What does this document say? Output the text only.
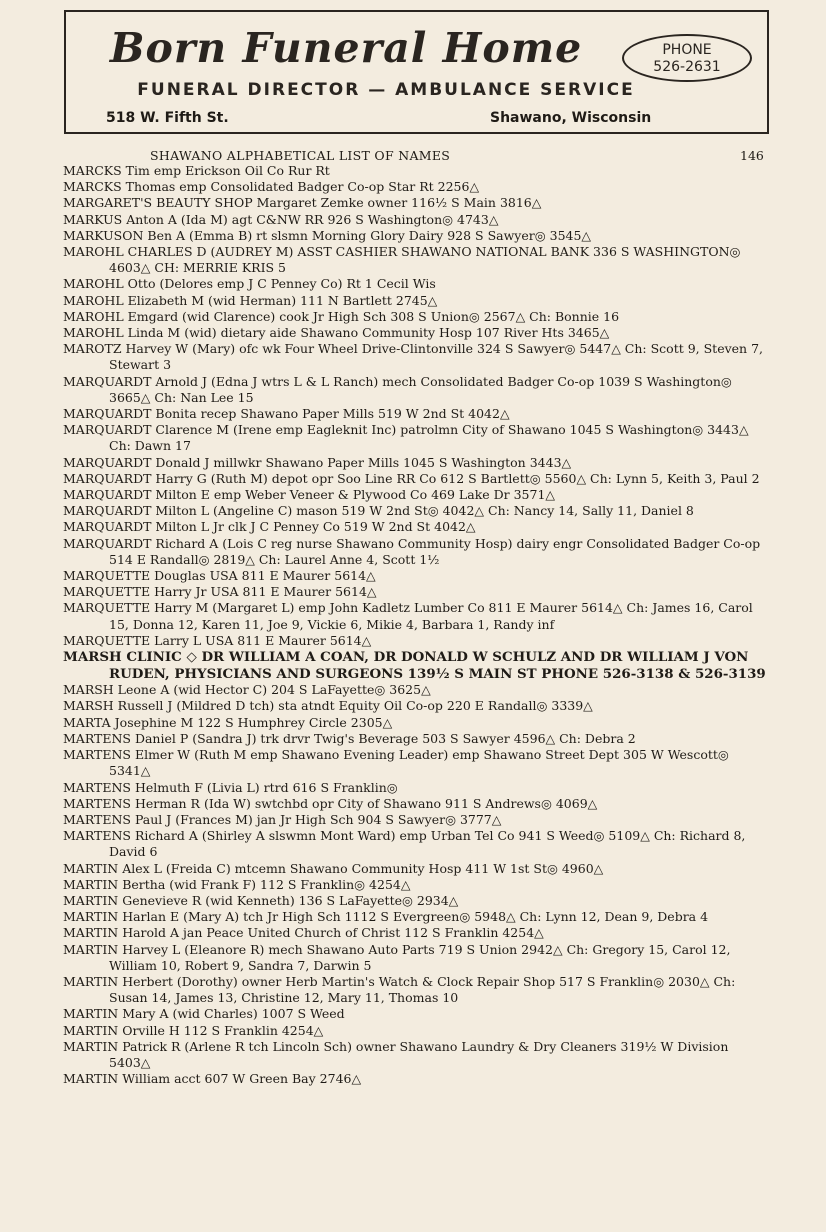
Born Funeral Home	PHONE
526-2631
FUNERAL DIRECTOR — AMBULANCE SERVICE
518 W. Fifth St.	Shawano, Wisconsin
SHAWANO ALPHABETICAL LIST OF NAMES	146

MARCKS Tim emp Erickson Oil Co Rur Rt

MARCKS Thomas emp Consolidated Badger Co-op Star Rt 2256△

MARGARET'S BEAUTY SHOP Margaret Zemke owner 116½ S Main 3816△

MARKUS Anton A (Ida M) agt C&NW RR 926 S Washington◎ 4743△

MARKUSON Ben A (Emma B) rt slsmn Morning Glory Dairy 928 S Sawyer◎ 3545△

MAROHL CHARLES D (AUDREY M) ASST CASHIER SHAWANO NATIONAL BANK 336 S WASHINGTON◎ 4603△ CH: MERRIE KRIS 5

MAROHL Otto (Delores emp J C Penney Co) Rt 1 Cecil Wis

MAROHL Elizabeth M (wid Herman) 111 N Bartlett 2745△

MAROHL Emgard (wid Clarence) cook Jr High Sch 308 S Union◎ 2567△ Ch: Bonnie 16

MAROHL Linda M (wid) dietary aide Shawano Community Hosp 107 River Hts 3465△

MAROTZ Harvey W (Mary) ofc wk Four Wheel Drive-Clintonville 324 S Sawyer◎ 5447△ Ch: Scott 9, Steven 7, Stewart 3

MARQUARDT Arnold J (Edna J wtrs L & L Ranch) mech Consolidated Badger Co-op 1039 S Washington◎ 3665△ Ch: Nan Lee 15

MARQUARDT Bonita recep Shawano Paper Mills 519 W 2nd St 4042△

MARQUARDT Clarence M (Irene emp Eagleknit Inc) patrolmn City of Shawano 1045 S Washington◎ 3443△ Ch: Dawn 17

MARQUARDT Donald J millwkr Shawano Paper Mills 1045 S Washington 3443△

MARQUARDT Harry G (Ruth M) depot opr Soo Line RR Co 612 S Bartlett◎ 5560△ Ch: Lynn 5, Keith 3, Paul 2

MARQUARDT Milton E emp Weber Veneer & Plywood Co 469 Lake Dr 3571△

MARQUARDT Milton L (Angeline C) mason 519 W 2nd St◎ 4042△ Ch: Nancy 14, Sally 11, Daniel 8

MARQUARDT Milton L Jr clk J C Penney Co 519 W 2nd St 4042△

MARQUARDT Richard A (Lois C reg nurse Shawano Community Hosp) dairy engr Consolidated Badger Co-op 514 E Randall◎ 2819△ Ch: Laurel Anne 4, Scott 1½

MARQUETTE Douglas USA 811 E Maurer 5614△

MARQUETTE Harry Jr USA 811 E Maurer 5614△

MARQUETTE Harry M (Margaret L) emp John Kadletz Lumber Co 811 E Maurer 5614△ Ch: James 16, Carol 15, Donna 12, Karen 11, Joe 9, Vickie 6, Mikie 4, Barbara 1, Randy inf

MARQUETTE Larry L USA 811 E Maurer 5614△

MARSH CLINIC ◇ DR WILLIAM A COAN, DR DONALD W SCHULZ AND DR WILLIAM J VON RUDEN, PHYSICIANS AND SURGEONS 139½ S MAIN ST PHONE 526-3138 & 526-3139

MARSH Leone A (wid Hector C) 204 S LaFayette◎ 3625△

MARSH Russell J (Mildred D tch) sta atndt Equity Oil Co-op 220 E Randall◎ 3339△

MARTA Josephine M 122 S Humphrey Circle 2305△

MARTENS Daniel P (Sandra J) trk drvr Twig's Beverage 503 S Sawyer 4596△ Ch: Debra 2

MARTENS Elmer W (Ruth M emp Shawano Evening Leader) emp Shawano Street Dept 305 W Wescott◎ 5341△

MARTENS Helmuth F (Livia L) rtrd 616 S Franklin◎

MARTENS Herman R (Ida W) swtchbd opr City of Shawano 911 S Andrews◎ 4069△

MARTENS Paul J (Frances M) jan Jr High Sch 904 S Sawyer◎ 3777△

MARTENS Richard A (Shirley A slswmn Mont Ward) emp Urban Tel Co 941 S Weed◎ 5109△ Ch: Richard 8, David 6

MARTIN Alex L (Freida C) mtcemn Shawano Community Hosp 411 W 1st St◎ 4960△

MARTIN Bertha (wid Frank F) 112 S Franklin◎ 4254△

MARTIN Genevieve R (wid Kenneth) 136 S LaFayette◎ 2934△

MARTIN Harlan E (Mary A) tch Jr High Sch 1112 S Evergreen◎ 5948△ Ch: Lynn 12, Dean 9, Debra 4

MARTIN Harold A jan Peace United Church of Christ 112 S Franklin 4254△

MARTIN Harvey L (Eleanore R) mech Shawano Auto Parts 719 S Union 2942△ Ch: Gregory 15, Carol 12, William 10, Robert 9, Sandra 7, Darwin 5

MARTIN Herbert (Dorothy) owner Herb Martin's Watch & Clock Repair Shop 517 S Franklin◎ 2030△ Ch: Susan 14, James 13, Christine 12, Mary 11, Thomas 10

MARTIN Mary A (wid Charles) 1007 S Weed

MARTIN Orville H 112 S Franklin 4254△

MARTIN Patrick R (Arlene R tch Lincoln Sch) owner Shawano Laundry & Dry Cleaners 319½ W Division 5403△

MARTIN William acct 607 W Green Bay 2746△
